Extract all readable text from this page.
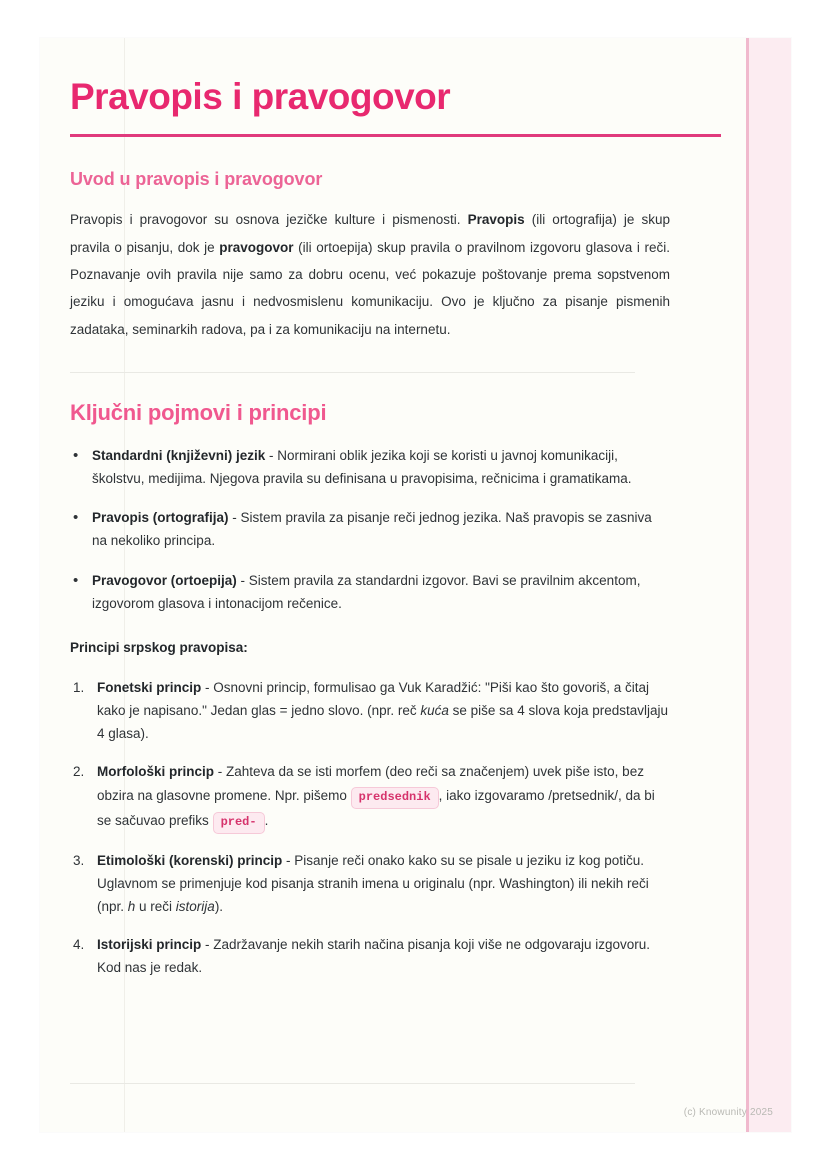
Pravopis i pravogovor
Uvod u pravopis i pravogovor

Pravopis i pravogovor su osnova jezičke kulture i pismenosti. Pravopis (ili ortografija) je skup pravila o pisanju, dok je pravogovor (ili ortoepija) skup pravila o pravilnom izgovoru glasova i reči. Poznavanje ovih pravila nije samo za dobru ocenu, već pokazuje poštovanje prema sopstvenom jeziku i omogućava jasnu i nedvosmislenu komunikaciju. Ovo je ključno za pisanje pismenih zadataka, seminarkih radova, pa i za komunikaciju na internetu.

Ključni pojmovi i principi
• Standardni (književni) jezik - Normirani oblik jezika koji se koristi u javnoj komunikaciji, školstvu, medijima. Njegova pravila su definisana u pravopisima, rečnicima i gramatikama.
• Pravopis (ortografija) - Sistem pravila za pisanje reči jednog jezika. Naš pravopis se zasniva na nekoliko principa.
• Pravogovor (ortoepija) - Sistem pravila za standardni izgovor. Bavi se pravilnim akcentom, izgovorom glasova i intonacijom rečenice.

Principi srpskog pravopisa:

Fonetski princip - Osnovni princip, formulisao ga Vuk Karadžić: "Piši kao što govoriš, a čitaj kako je napisano." Jedan glas = jedno slovo. (npr. reč kuća se piše sa 4 slova koja predstavljaju 4 glasa).
Morfološki princip - Zahteva da se isti morfem (deo reči sa značenjem) uvek piše isto, bez obzira na glasovne promene. Npr. pišemo predsednik , iako izgovaramo /pretsednik/, da bi se sačuvao prefiks pred- .
Etimološki (korenski) princip - Pisanje reči onako kako su se pisale u jeziku iz kog potiču. Uglavnom se primenjuje kod pisanja stranih imena u originalu (npr. Washington) ili nekih reči (npr. h u reči istorija).
Istorijski princip - Zadržavanje nekih starih načina pisanja koji više ne odgovaraju izgovoru. Kod nas je redak.
(c) Knowunity 2025
